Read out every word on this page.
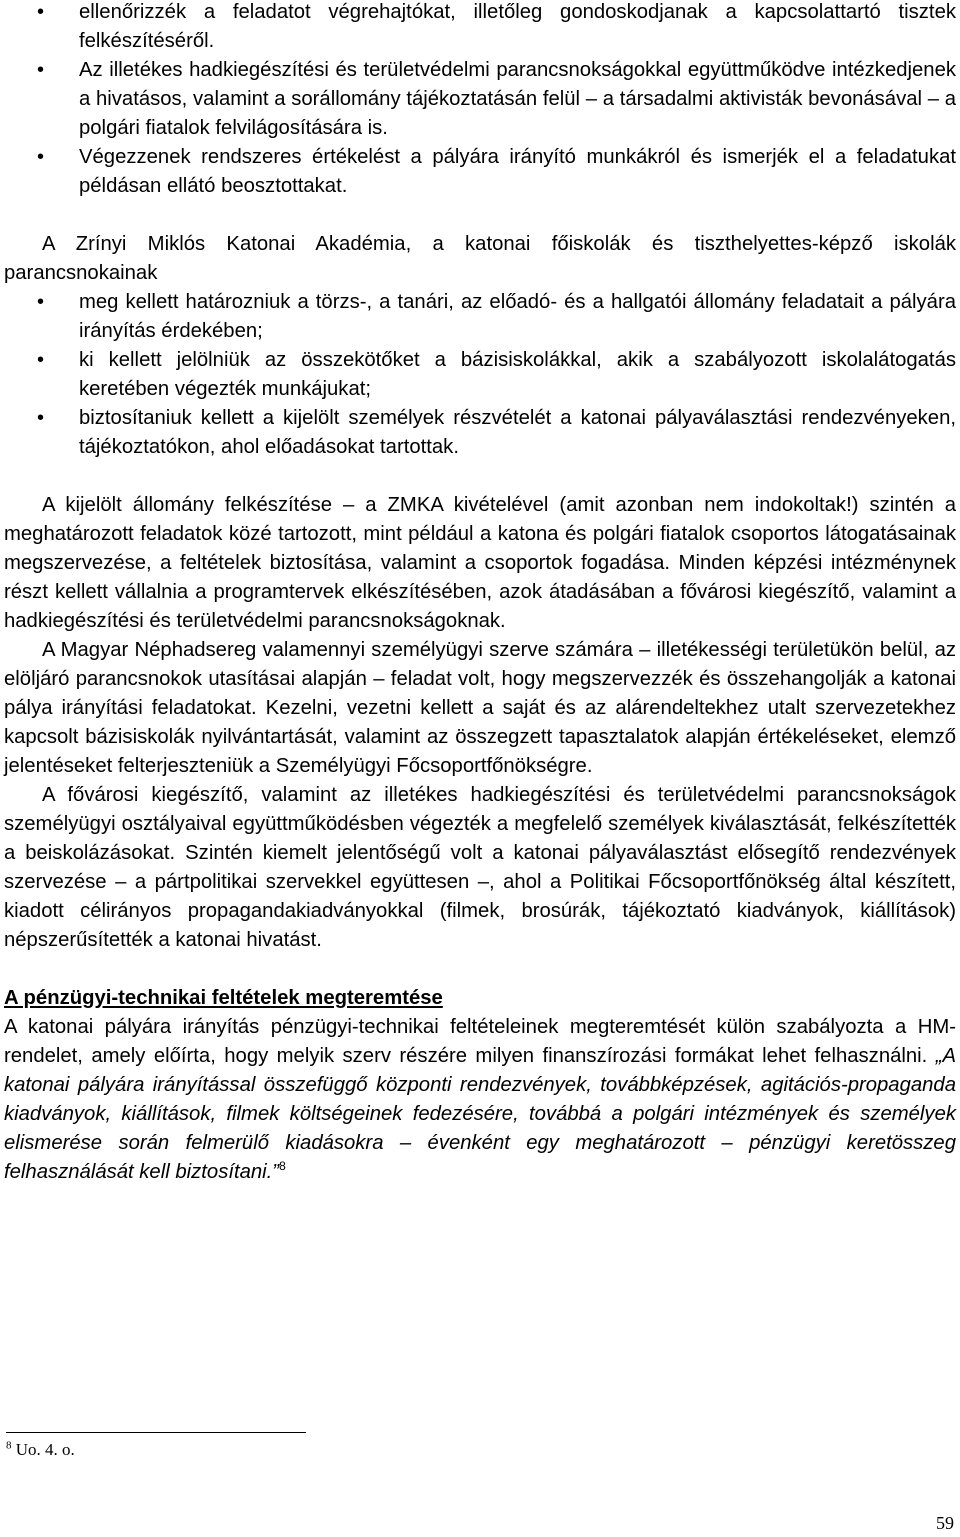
• ellenőrizzék a feladatot végrehajtókat, illetőleg gondoskodjanak a kapcsolattartó tisztek felkészítéséről.
• Az illetékes hadkiegészítési és területvédelmi parancsnokságokkal együttműködve intézkedjenek a hivatásos, valamint a sorállomány tájékoztatásán felül – a társadalmi aktivisták bevonásával – a polgári fiatalok felvilágosítására is.
• Végezzenek rendszeres értékelést a pályára irányító munkákról és ismerjék el a feladatukat példásan ellátó beosztottakat.

A Zrínyi Miklós Katonai Akadémia, a katonai főiskolák és tiszthelyettes-képző iskolák parancsnokainak

• meg kellett határozniuk a törzs-, a tanári, az előadó- és a hallgatói állomány feladatait a pályára irányítás érdekében;
• ki kellett jelölniük az összekötőket a bázisiskolákkal, akik a szabályozott iskolalátogatás keretében végezték munkájukat;
• biztosítaniuk kellett a kijelölt személyek részvételét a katonai pályaválasztási rendezvényeken, tájékoztatókon, ahol előadásokat tartottak.

A kijelölt állomány felkészítése – a ZMKA kivételével (amit azonban nem indokoltak!) szintén a meghatározott feladatok közé tartozott, mint például a katona és polgári fiatalok csoportos látogatásainak megszervezése, a feltételek biztosítása, valamint a csoportok fogadása. Minden képzési intézménynek részt kellett vállalnia a programtervek elkészítésében, azok átadásában a fővárosi kiegészítő, valamint a hadkiegészítési és területvédelmi parancsnokságoknak.

A Magyar Néphadsereg valamennyi személyügyi szerve számára – illetékességi területükön belül, az elöljáró parancsnokok utasításai alapján – feladat volt, hogy megszervezzék és összehangolják a katonai pálya irányítási feladatokat. Kezelni, vezetni kellett a saját és az alárendeltekhez utalt szervezetekhez kapcsolt bázisiskolák nyilvántartását, valamint az összegzett tapasztalatok alapján értékeléseket, elemző jelentéseket felterjeszteniük a Személyügyi Főcsoportfőnökségre.

A fővárosi kiegészítő, valamint az illetékes hadkiegészítési és területvédelmi parancsnokságok személyügyi osztályaival együttműködésben végezték a megfelelő személyek kiválasztását, felkészítették a beiskolázásokat. Szintén kiemelt jelentőségű volt a katonai pályaválasztást elősegítő rendezvények szervezése – a pártpolitikai szervekkel együttesen –, ahol a Politikai Főcsoportfőnökség által készített, kiadott célirányos propagandakiadványokkal (filmek, brosúrák, tájékoztató kiadványok, kiállítások) népszerűsítették a katonai hivatást.

A pénzügyi-technikai feltételek megteremtése

A katonai pályára irányítás pénzügyi-technikai feltételeinek megteremtését külön szabályozta a HM-rendelet, amely előírta, hogy melyik szerv részére milyen finanszírozási formákat lehet felhasználni. „A katonai pályára irányítással összefüggő központi rendezvények, továbbképzések, agitációs-propaganda kiadványok, kiállítások, filmek költségeinek fedezésére, továbbá a polgári intézmények és személyek elismerése során felmerülő kiadásokra – évenként egy meghatározott – pénzügyi keretösszeg felhasználását kell biztosítani.”$^8$

$^8$ Uo. 4. o.
59
